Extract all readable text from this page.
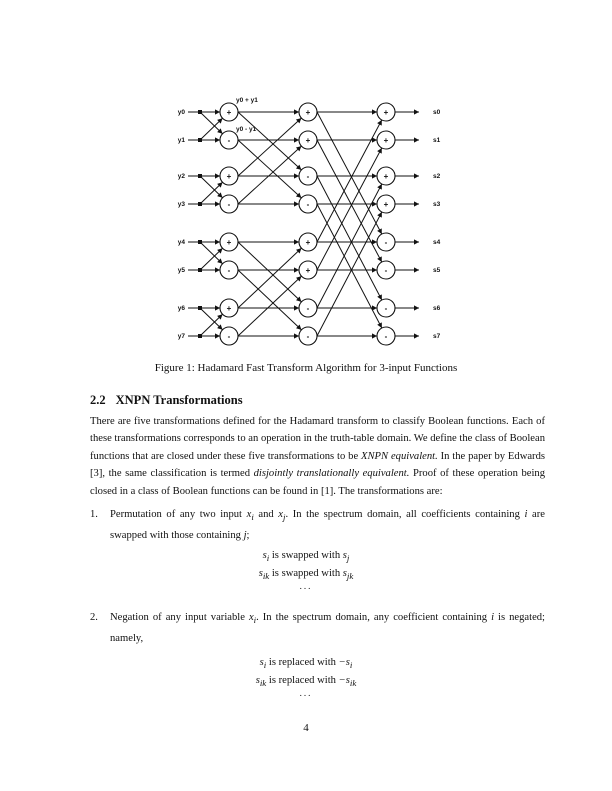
y0
y1
y2
y3
y4
y5
y6
y7
+	+	+
-	+	+
+	-	+
-	-	+
+	+	-
-	+	-
+	-	-
-	-	-
s0
s1
s2
s3
s4
s5
s6
s7
y0 + y1
y0 - y1
Figure 1: Hadamard Fast Transform Algorithm for 3-input Functions
2.2 XNPN Transformations
There are five transformations defined for the Hadamard transform to classify Boolean functions. Each of these transformations corresponds to an operation in the truth-table domain. We define the class of Boolean functions that are closed under these five transformations to be XNPN equivalent. In the paper by Edwards [3], the same classification is termed disjointly translationally equivalent. Proof of these operation being closed in a class of Boolean functions can be found in [1]. The transformations are:
1. Permutation of any two input $x_i$ and $x_j$. In the spectrum domain, all coefficients containing i are swapped with those containing j;
$s_i$ is swapped with $s_j$
$s_{ik}$ is swapped with $s_{jk}$
...
2. Negation of any input variable $x_i$. In the spectrum domain, any coefficient containing i is negated; namely,
$s_i$ is replaced with $-s_i$
$s_{ik}$ is replaced with $-s_{ik}$
...
4
